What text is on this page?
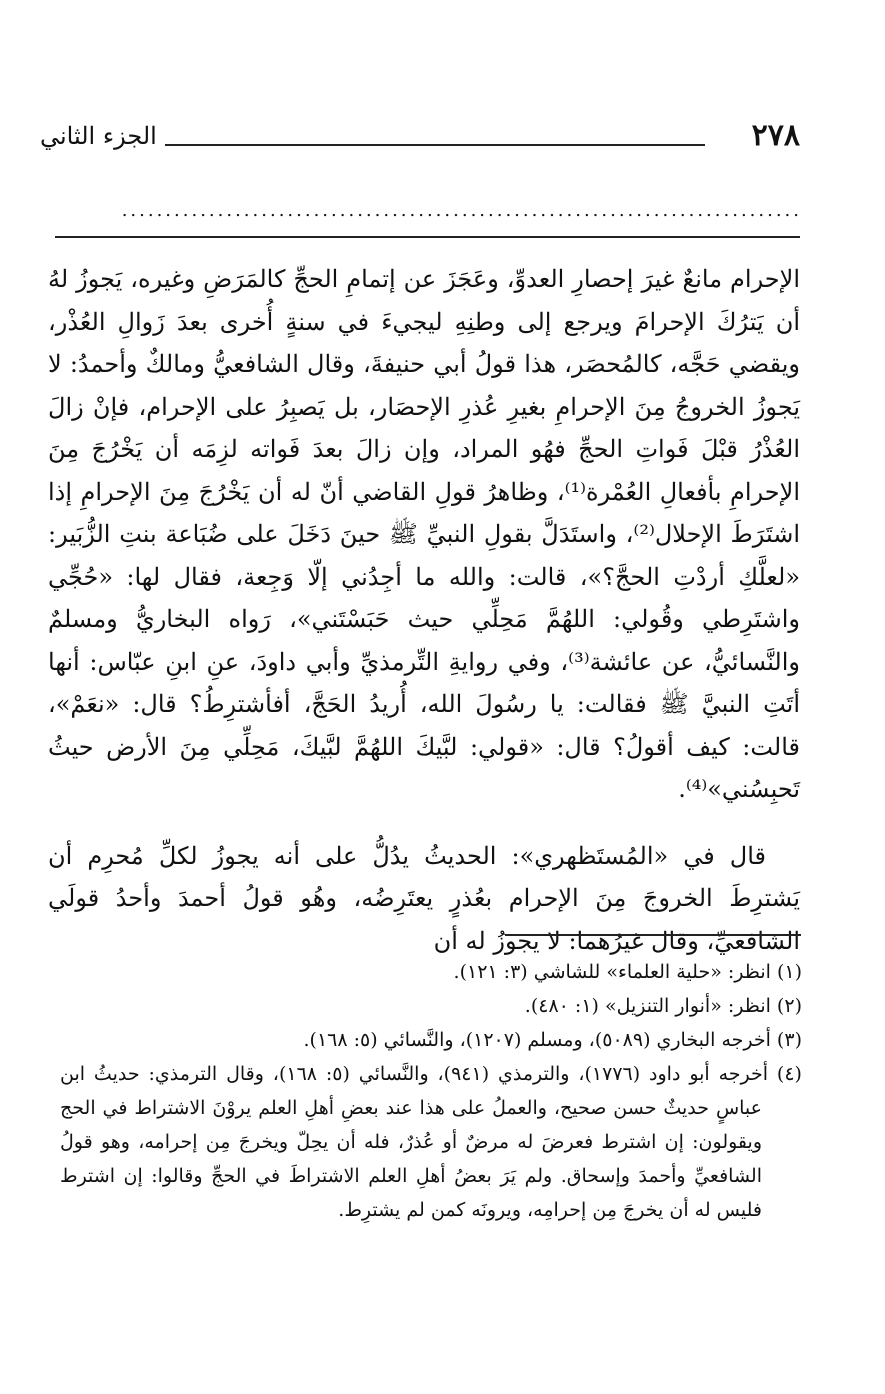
٢٧٨
الجزء الثاني
..............................................................................

الإحرام مانعٌ غيرَ إحصارِ العدوِّ، وعَجَزَ عن إتمامِ الحجِّ كالمَرَضِ وغيره، يَجوزُ لهُ أن يَترُكَ الإحرامَ ويرجع إلى وطنِهِ ليجيءَ في سنةٍ أُخرى بعدَ زَوالِ العُذْر، ويقضي حَجَّه، كالمُحصَر، هذا قولُ أبي حنيفةَ، وقال الشافعيُّ ومالكٌ وأحمدُ: لا يَجوزُ الخروجُ مِنَ الإحرامِ بغيرِ عُذرِ الإحصَار، بل يَصبِرُ على الإحرام، فإنْ زالَ العُذْرُ قبْلَ فَواتِ الحجِّ فهُو المراد، وإن زالَ بعدَ فَواته لزِمَه أن يَخْرُجَ مِنَ الإحرامِ بأفعالِ العُمْرة⁽¹⁾، وظاهرُ قولِ القاضي أنّ له أن يَخْرُجَ مِنَ الإحرامِ إذا اشتَرَطَ الإحلال⁽²⁾، واستَدَلَّ بقولِ النبيِّ ﷺ حينَ دَخَلَ على ضُبَاعة بنتِ الزُّبَير: «لعلَّكِ أردْتِ الحجَّ؟»، قالت: والله ما أجِدُني إلّا وَجِعة، فقال لها: «حُجِّي واشتَرِطي وقُولي: اللهُمَّ مَحِلِّي حيث حَبَسْتَني»، رَواه البخاريُّ ومسلمٌ والنَّسائيُّ، عن عائشة⁽³⁾، وفي روايةِ التِّرمذيِّ وأبي داودَ، عنِ ابنِ عبّاس: أنها أتَتِ النبيَّ ﷺ فقالت: يا رسُولَ الله، أُريدُ الحَجَّ، أفأشترِطُ؟ قال: «نعَمْ»، قالت: كيف أقولُ؟ قال: «قولي: لبَّيكَ اللهُمَّ لبَّيكَ، مَحِلِّي مِنَ الأرض حيثُ تَحبِسُني»⁽⁴⁾.

قال في «المُستَظهري»: الحديثُ يدُلُّ على أنه يجوزُ لكلِّ مُحرِم أن يَشترِطَ الخروجَ مِنَ الإحرام بعُذرٍ يعتَرِضُه، وهُو قولُ أحمدَ وأحدُ قولَي الشافعيِّ، وقال غيرُهما: لا يجوزُ له أن

(١) انظر: «حلية العلماء» للشاشي (٣: ١٢١).

(٢) انظر: «أنوار التنزيل» (١: ٤٨٠).

(٣) أخرجه البخاري (٥٠٨٩)، ومسلم (١٢٠٧)، والنَّسائي (٥: ١٦٨).

(٤) أخرجه أبو داود (١٧٧٦)، والترمذي (٩٤١)، والنَّسائي (٥: ١٦٨)، وقال الترمذي: حديثُ ابن عباسٍ حديثٌ حسن صحيح، والعملُ على هذا عند بعضِ أهلِ العلم يروْنَ الاشتراط في الحج ويقولون: إن اشترط فعرضَ له مرضٌ أو عُذرٌ، فله أن يحِلّ ويخرجَ مِن إحرامه، وهو قولُ الشافعيِّ وأحمدَ وإسحاق. ولم يَرَ بعضُ أهلِ العلم الاشتراطَ في الحجِّ وقالوا: إن اشترط فليس له أن يخرجَ مِن إحرامِه، ويرونَه كمن لم يشترِط.
